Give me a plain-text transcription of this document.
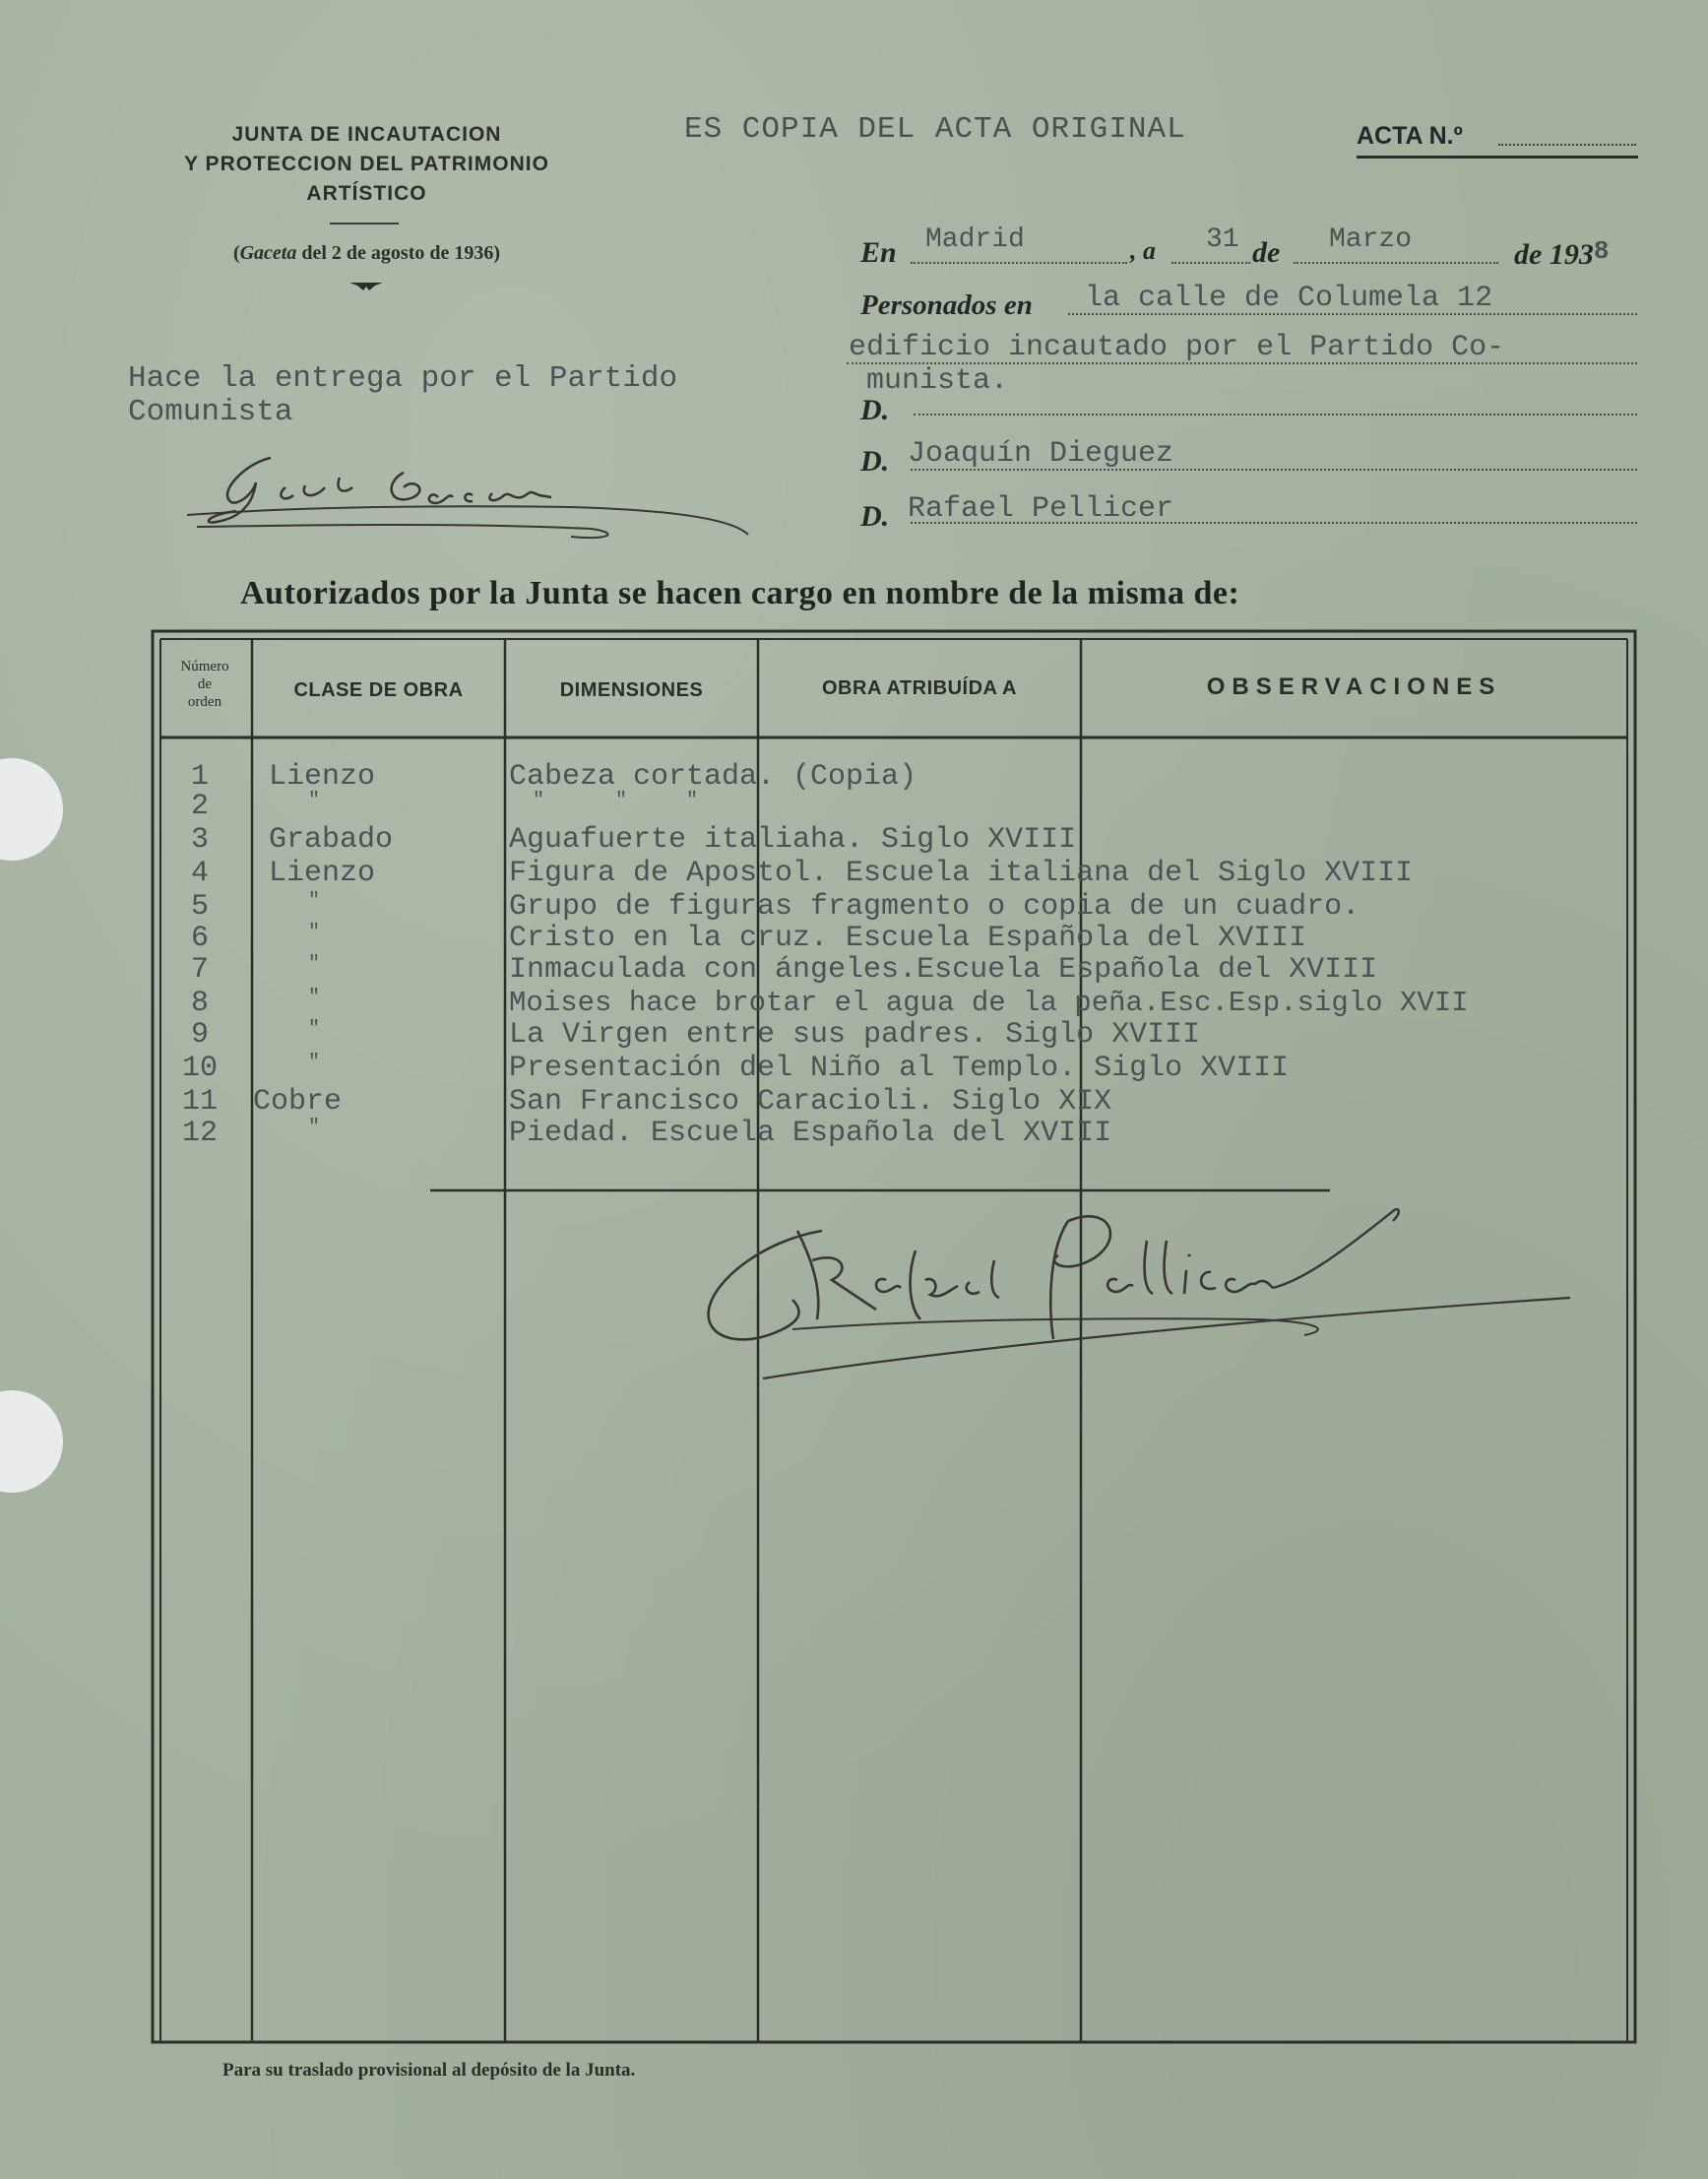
JUNTA DE INCAUTACION
Y PROTECCION DEL PATRIMONIO
ARTÍSTICO
(Gaceta del 2 de agosto de 1936)
ES COPIA DEL ACTA ORIGINAL	ACTA N.º
En Madrid	, a 31 de Marzo	de 1938
Personados en la calle de Columela 12
edificio incautado por el Partido Co-
munista.
D.
D. Joaquín Dieguez
D. Rafael Pellicer
Hace la entrega por el Partido
Comunista
Autorizados por la Junta se hacen cargo en nombre de la misma de:
Número
de
orden
CLASE DE OBRA	DIMENSIONES	OBRA ATRIBUÍDA A	OBSERVACIONES
1	Lienzo	Cabeza cortada. (Copia)
2	"	"      "     "
3	Grabado	Aguafuerte italiaha. Siglo XVIII
4	Lienzo	Figura de Apostol. Escuela italiana del Siglo XVIII
5	"	Grupo de figuras fragmento o copia de un cuadro.
6	"	Cristo en la cruz. Escuela Española del XVIII
7	"	Inmaculada con ángeles.Escuela Española del XVIII
8	"	Moises hace brotar el agua de la peña.Esc.Esp.siglo XVII
9	"	La Virgen entre sus padres. Siglo XVIII
10	"	Presentación del Niño al Templo. Siglo XVIII
11	Cobre	San Francisco Caracioli. Siglo XIX
12	"	Piedad. Escuela Española del XVIII
Para su traslado provisional al depósito de la Junta.
